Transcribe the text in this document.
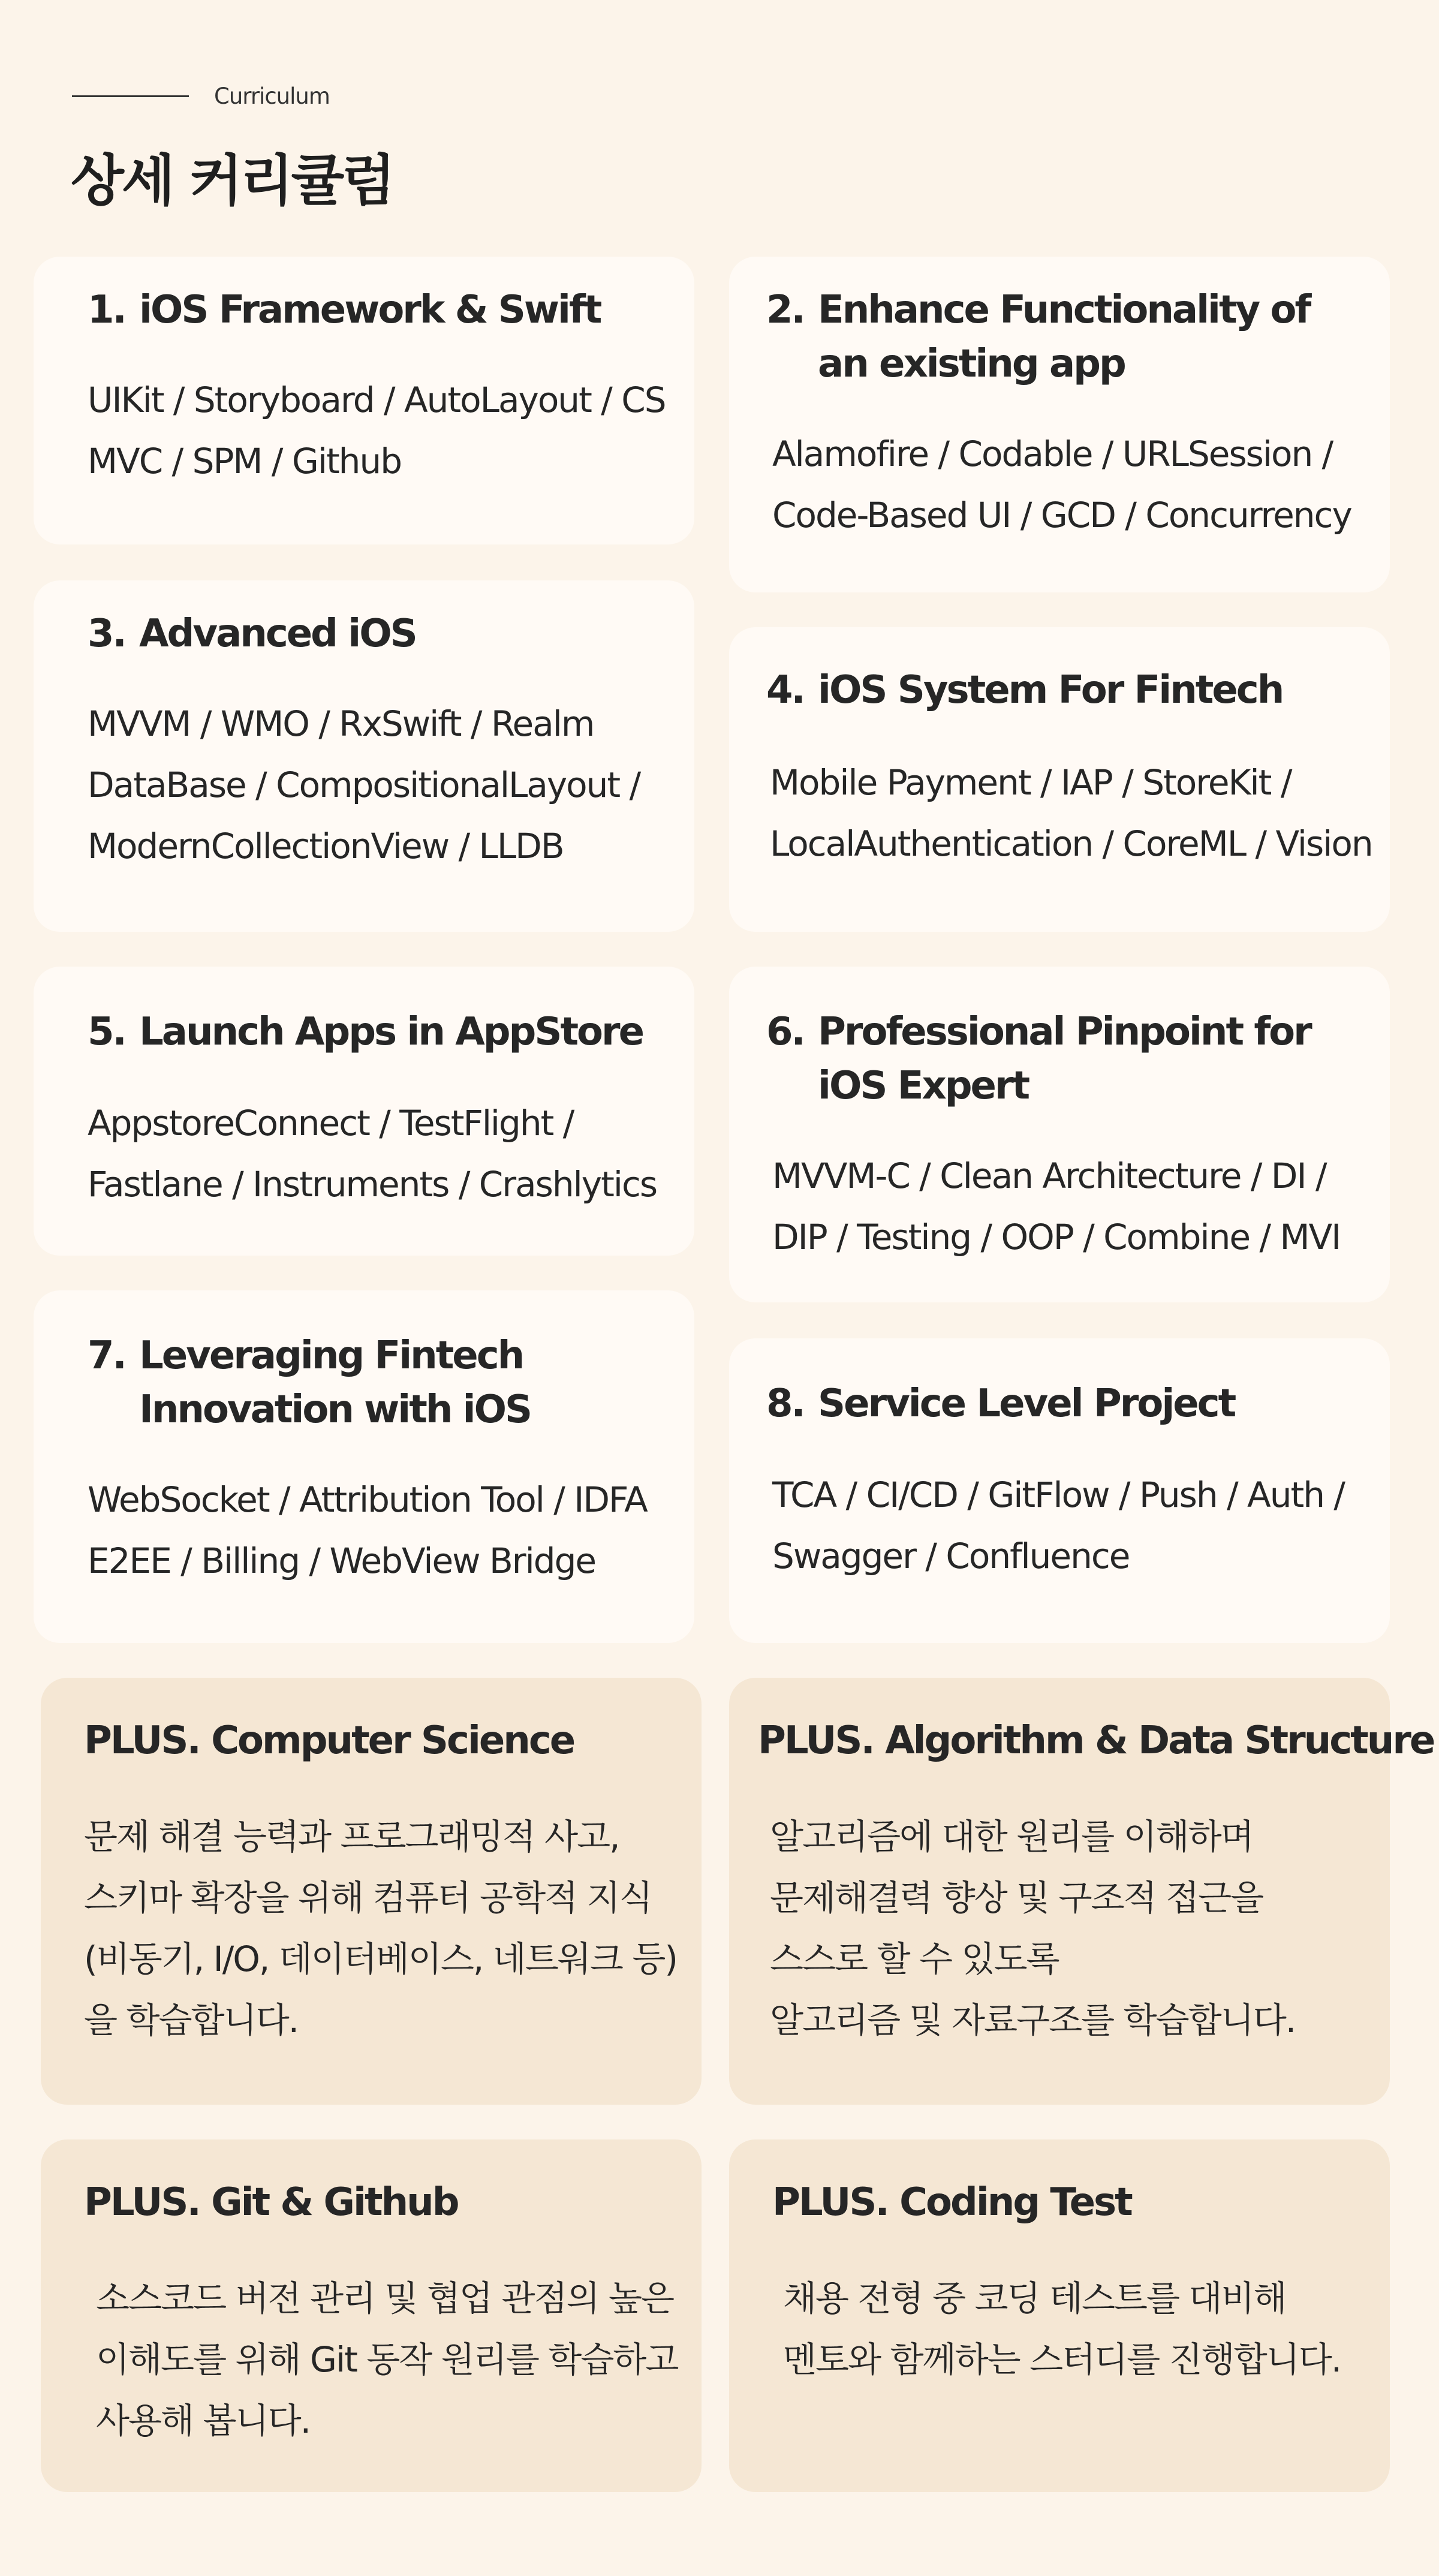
Curriculum
상세 커리큘럼
1. iOS Framework & Swift
UIKit / Storyboard / AutoLayout / CS
MVC / SPM / Github
2. Enhance Functionality of an existing app
Alamofire / Codable / URLSession /
Code-Based UI / GCD / Concurrency
3. Advanced iOS
MVVM / WMO / RxSwift / Realm
DataBase / CompositionalLayout /
ModernCollectionView / LLDB
4. iOS System For Fintech
Mobile Payment / IAP / StoreKit /
LocalAuthentication / CoreML / Vision
5. Launch Apps in AppStore
AppstoreConnect / TestFlight /
Fastlane / Instruments / Crashlytics
6. Professional Pinpoint for iOS Expert
MVVM-C / Clean Architecture / DI /
DIP / Testing / OOP / Combine / MVI
7. Leveraging Fintech Innovation with iOS
WebSocket / Attribution Tool / IDFA
E2EE / Billing / WebView Bridge
8. Service Level Project
TCA / CI/CD / GitFlow / Push / Auth /
Swagger / Confluence
PLUS. Computer Science
문제 해결 능력과 프로그래밍적 사고,
스키마 확장을 위해 컴퓨터 공학적 지식
(비동기, I/O, 데이터베이스, 네트워크 등)
을 학습합니다.
PLUS. Algorithm & Data Structure
알고리즘에 대한 원리를 이해하며
문제해결력 향상 및 구조적 접근을
스스로 할 수 있도록
알고리즘 및 자료구조를 학습합니다.
PLUS. Git & Github
소스코드 버전 관리 및 협업 관점의 높은
이해도를 위해 Git 동작 원리를 학습하고
사용해 봅니다.
PLUS. Coding Test
채용 전형 중 코딩 테스트를 대비해
멘토와 함께하는 스터디를 진행합니다.
